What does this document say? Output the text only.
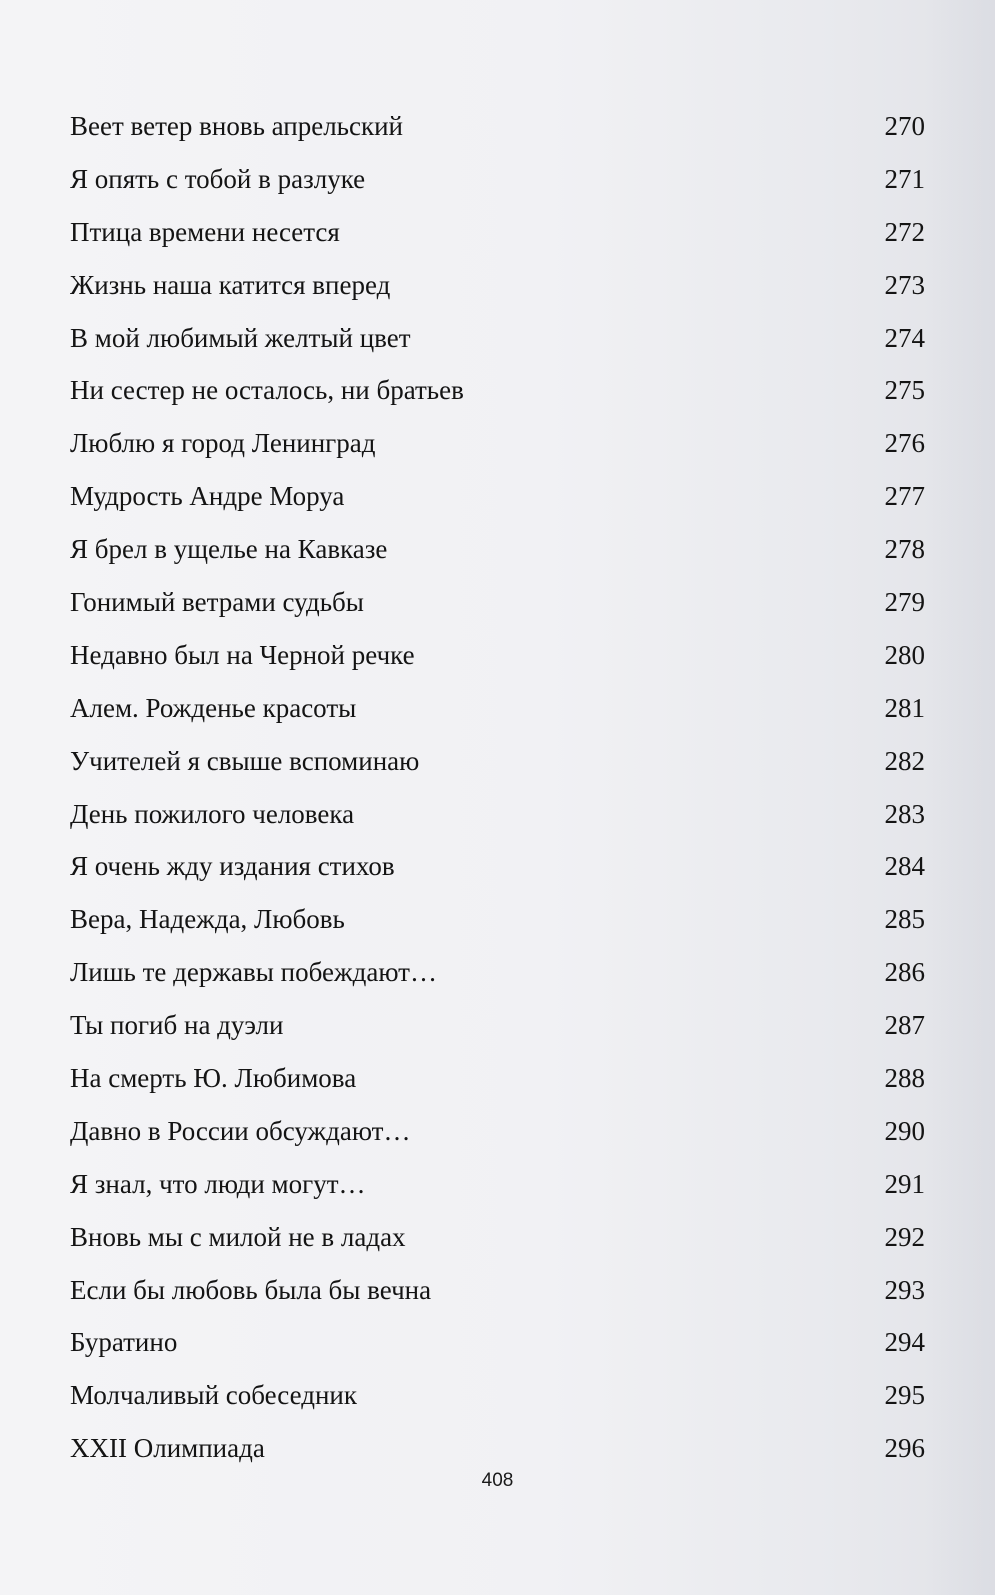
Веет ветер вновь апрельский	270
Я опять с тобой в разлуке	271
Птица времени несется	272
Жизнь наша катится вперед	273
В мой любимый желтый цвет	274
Ни сестер не осталось, ни братьев	275
Люблю я город Ленинград	276
Мудрость Андре Моруа	277
Я брел в ущелье на Кавказе	278
Гонимый ветрами судьбы	279
Недавно был на Черной речке	280
Алем. Рожденье красоты	281
Учителей я свыше вспоминаю	282
День пожилого человека	283
Я очень жду издания стихов	284
Вера, Надежда, Любовь	285
Лишь те державы побеждают…	286
Ты погиб на дуэли	287
На смерть Ю. Любимова	288
Давно в России обсуждают…	290
Я знал, что люди могут…	291
Вновь мы с милой не в ладах	292
Если бы любовь была бы вечна	293
Буратино	294
Молчаливый собеседник	295
XXII Олимпиада	296
408
